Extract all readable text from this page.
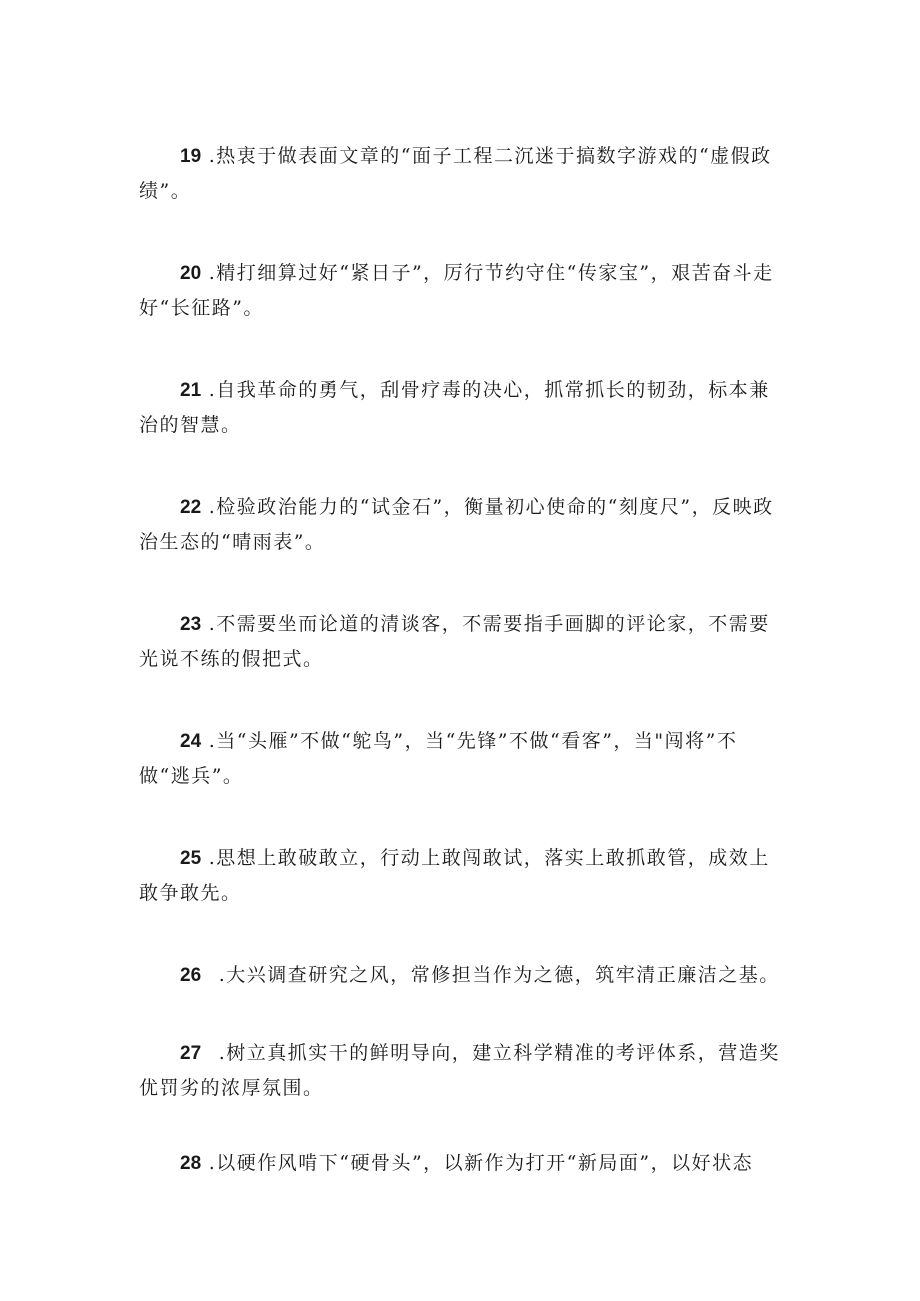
19 .热衷于做表面文章的“面子工程二沉迷于搞数字游戏的“虚假政绩”。

20 .精打细算过好“紧日子”，厉行节约守住“传家宝”，艰苦奋斗走好“长征路”。

21 .自我革命的勇气，刮骨疗毒的决心，抓常抓长的韧劲，标本兼治的智慧。

22 .检验政治能力的“试金石”，衡量初心使命的“刻度尺”，反映政治生态的“晴雨表”。

23 .不需要坐而论道的清谈客，不需要指手画脚的评论家，不需要光说不练的假把式。

24 .当“头雁”不做“鸵鸟”，当“先锋”不做“看客”，当"闯将”不做“逃兵”。

25 .思想上敢破敢立，行动上敢闯敢试，落实上敢抓敢管，成效上敢争敢先。

26 .大兴调查研究之风，常修担当作为之德，筑牢清正廉洁之基。

27 .树立真抓实干的鲜明导向，建立科学精准的考评体系，营造奖优罚劣的浓厚氛围。

28 .以硬作风啃下“硬骨头”，以新作为打开“新局面”，以好状态
